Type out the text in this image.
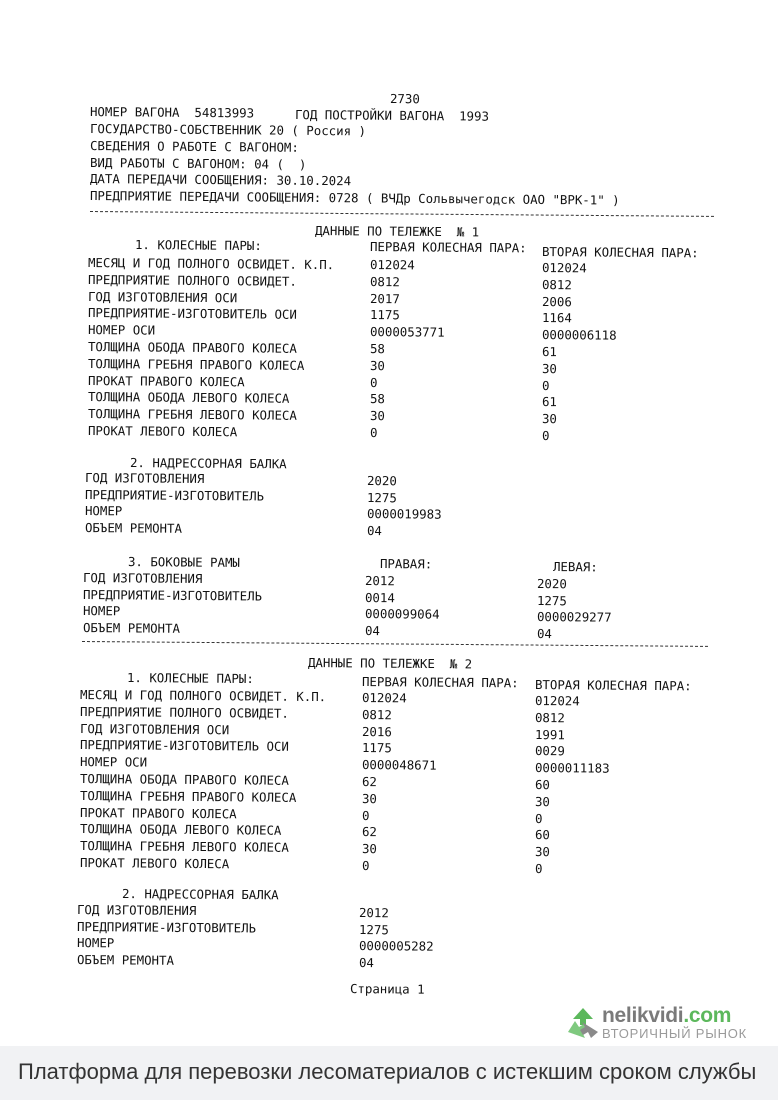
2730
НОМЕР ВАГОНА  54813993	ГОД ПОСТРОЙКИ ВАГОНА  1993
ГОСУДАРСТВО-СОБСТВЕННИК 20 ( Россия )
СВЕДЕНИЯ О РАБОТЕ С ВАГОНОМ:
ВИД РАБОТЫ С ВАГОНОМ: 04 (  )
ДАТА ПЕРЕДАЧИ СООБЩЕНИЯ: 30.10.2024
ПРЕДПРИЯТИЕ ПЕРЕДАЧИ СООБЩЕНИЯ: 0728 ( ВЧДр Сольвычегодск ОАО "ВРК-1" )
ДАННЫЕ ПО ТЕЛЕЖКЕ  № 1
1. КОЛЕСНЫЕ ПАРЫ:	ПЕРВАЯ КОЛЕСНАЯ ПАРА: ВТОРАЯ КОЛЕСНАЯ ПАРА:
МЕСЯЦ И ГОД ПОЛНОГО ОСВИДЕТ. К.П.	012024	012024
ПРЕДПРИЯТИЕ ПОЛНОГО ОСВИДЕТ.	0812	0812
ГОД ИЗГОТОВЛЕНИЯ ОСИ	2017	2006
ПРЕДПРИЯТИЕ-ИЗГОТОВИТЕЛЬ ОСИ	1175	1164
НОМЕР ОСИ	0000053771	0000006118
ТОЛЩИНА ОБОДА ПРАВОГО КОЛЕСА	58	61
ТОЛЩИНА ГРЕБНЯ ПРАВОГО КОЛЕСА	30	30
ПРОКАТ ПРАВОГО КОЛЕСА	0	0
ТОЛЩИНА ОБОДА ЛЕВОГО КОЛЕСА	58	61
ТОЛЩИНА ГРЕБНЯ ЛЕВОГО КОЛЕСА	30	30
ПРОКАТ ЛЕВОГО КОЛЕСА	0	0
2. НАДРЕССОРНАЯ БАЛКА
ГОД ИЗГОТОВЛЕНИЯ	2020
ПРЕДПРИЯТИЕ-ИЗГОТОВИТЕЛЬ	1275
НОМЕР	0000019983
ОБЪЕМ РЕМОНТА	04
3. БОКОВЫЕ РАМЫ	ПРАВАЯ:	ЛЕВАЯ:
ГОД ИЗГОТОВЛЕНИЯ	2012	2020
ПРЕДПРИЯТИЕ-ИЗГОТОВИТЕЛЬ	0014	1275
НОМЕР	0000099064	0000029277
ОБЪЕМ РЕМОНТА	04	04
ДАННЫЕ ПО ТЕЛЕЖКЕ  № 2
1. КОЛЕСНЫЕ ПАРЫ:	ПЕРВАЯ КОЛЕСНАЯ ПАРА: ВТОРАЯ КОЛЕСНАЯ ПАРА:
МЕСЯЦ И ГОД ПОЛНОГО ОСВИДЕТ. К.П.	012024	012024
ПРЕДПРИЯТИЕ ПОЛНОГО ОСВИДЕТ.	0812	0812
ГОД ИЗГОТОВЛЕНИЯ ОСИ	2016	1991
ПРЕДПРИЯТИЕ-ИЗГОТОВИТЕЛЬ ОСИ	1175	0029
НОМЕР ОСИ	0000048671	0000011183
ТОЛЩИНА ОБОДА ПРАВОГО КОЛЕСА	62	60
ТОЛЩИНА ГРЕБНЯ ПРАВОГО КОЛЕСА	30	30
ПРОКАТ ПРАВОГО КОЛЕСА	0	0
ТОЛЩИНА ОБОДА ЛЕВОГО КОЛЕСА	62	60
ТОЛЩИНА ГРЕБНЯ ЛЕВОГО КОЛЕСА	30	30
ПРОКАТ ЛЕВОГО КОЛЕСА	0	0
2. НАДРЕССОРНАЯ БАЛКА
ГОД ИЗГОТОВЛЕНИЯ	2012
ПРЕДПРИЯТИЕ-ИЗГОТОВИТЕЛЬ	1275
НОМЕР	0000005282
ОБЪЕМ РЕМОНТА	04
Страница 1
nelikvidi.com
ВТОРИЧНЫЙ РЫНОК
Платформа для перевозки лесоматериалов с истекшим сроком службы
